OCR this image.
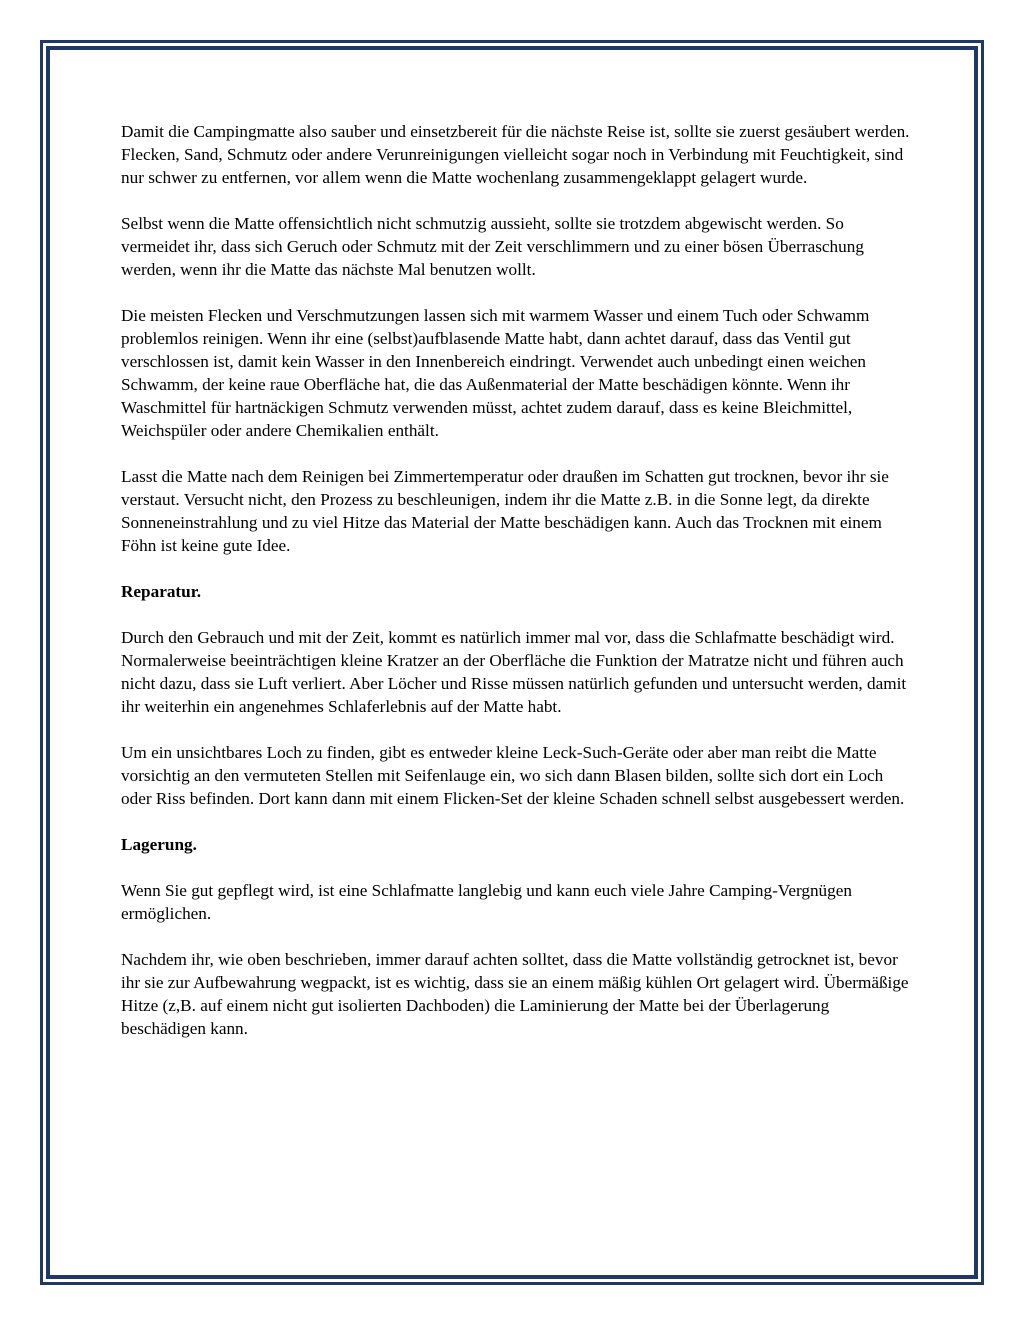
Damit die Campingmatte also sauber und einsetzbereit für die nächste Reise ist, sollte sie zuerst gesäubert werden. Flecken, Sand, Schmutz oder andere Verunreinigungen vielleicht sogar noch in Verbindung mit Feuchtigkeit, sind nur schwer zu entfernen, vor allem wenn die Matte wochenlang zusammengeklappt gelagert wurde.

Selbst wenn die Matte offensichtlich nicht schmutzig aussieht, sollte sie trotzdem abgewischt werden. So vermeidet ihr, dass sich Geruch oder Schmutz mit der Zeit verschlimmern und zu einer bösen Überraschung werden, wenn ihr die Matte das nächste Mal benutzen wollt.

Die meisten Flecken und Verschmutzungen lassen sich mit warmem Wasser und einem Tuch oder Schwamm problemlos reinigen. Wenn ihr eine (selbst)aufblasende Matte habt, dann achtet darauf, dass das Ventil gut verschlossen ist, damit kein Wasser in den Innenbereich eindringt. Verwendet auch unbedingt einen weichen Schwamm, der keine raue Oberfläche hat, die das Außenmaterial der Matte beschädigen könnte. Wenn ihr Waschmittel für hartnäckigen Schmutz verwenden müsst, achtet zudem darauf, dass es keine Bleichmittel, Weichspüler oder andere Chemikalien enthält.

Lasst die Matte nach dem Reinigen bei Zimmertemperatur oder draußen im Schatten gut trocknen, bevor ihr sie verstaut. Versucht nicht, den Prozess zu beschleunigen, indem ihr die Matte z.B. in die Sonne legt, da direkte Sonneneinstrahlung und zu viel Hitze das Material der Matte beschädigen kann. Auch das Trocknen mit einem Föhn ist keine gute Idee.

Reparatur.

Durch den Gebrauch und mit der Zeit, kommt es natürlich immer mal vor, dass die Schlafmatte beschädigt wird. Normalerweise beeinträchtigen kleine Kratzer an der Oberfläche die Funktion der Matratze nicht und führen auch nicht dazu, dass sie Luft verliert. Aber Löcher und Risse müssen natürlich gefunden und untersucht werden, damit ihr weiterhin ein angenehmes Schlaferlebnis auf der Matte habt.

Um ein unsichtbares Loch zu finden, gibt es entweder kleine Leck-Such-Geräte oder aber man reibt die Matte vorsichtig an den vermuteten Stellen mit Seifenlauge ein, wo sich dann Blasen bilden, sollte sich dort ein Loch oder Riss befinden. Dort kann dann mit einem Flicken-Set der kleine Schaden schnell selbst ausgebessert werden.

Lagerung.

Wenn Sie gut gepflegt wird, ist eine Schlafmatte langlebig und kann euch viele Jahre Camping-Vergnügen ermöglichen.

Nachdem ihr, wie oben beschrieben, immer darauf achten solltet, dass die Matte vollständig getrocknet ist, bevor ihr sie zur Aufbewahrung wegpackt, ist es wichtig, dass sie an einem mäßig kühlen Ort gelagert wird. Übermäßige Hitze (z,B. auf einem nicht gut isolierten Dachboden) die Laminierung der Matte bei der Überlagerung beschädigen kann.
